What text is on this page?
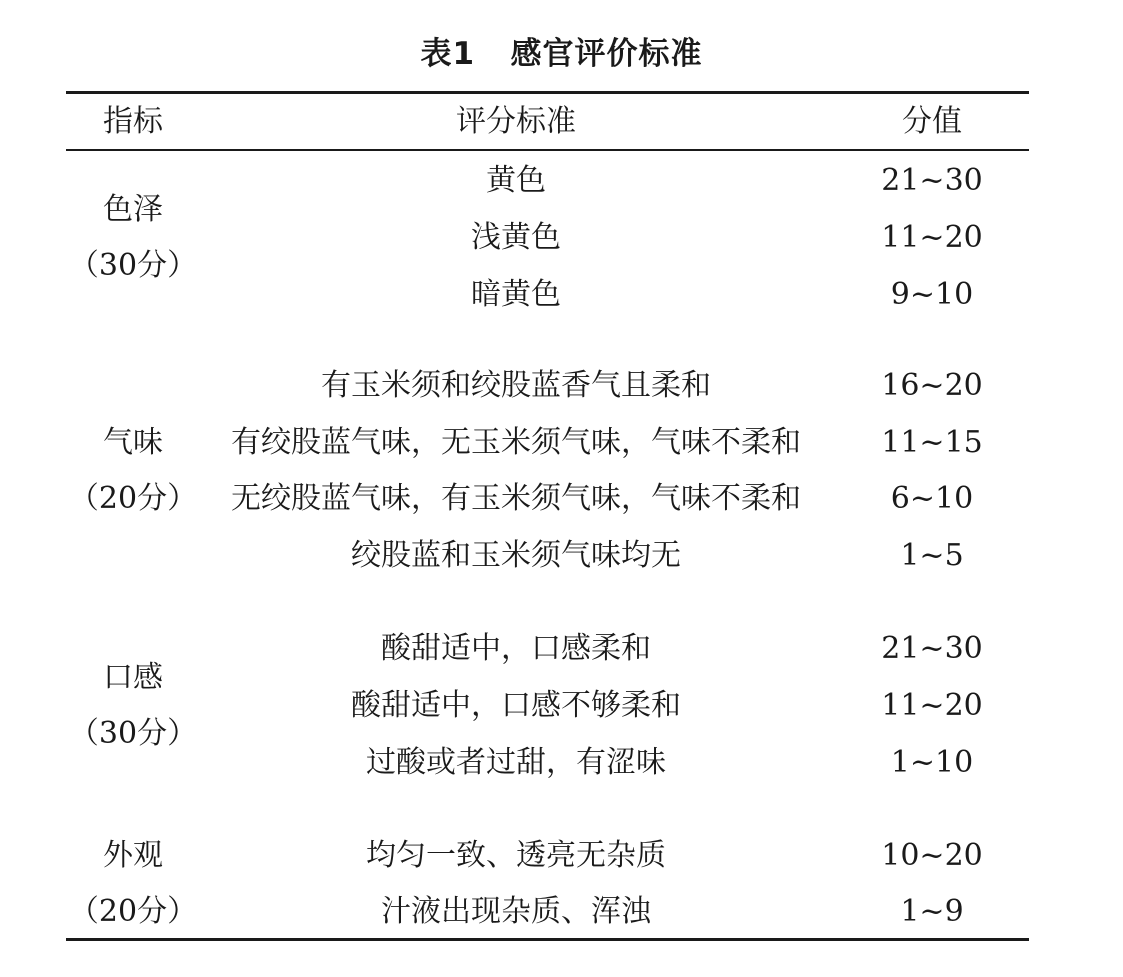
表1   感官评价标准
指标	评分标准	分值
色泽
（30分）
黄色	21~30
浅黄色	11~20
暗黄色	9~10
气味
（20分）
有玉米须和绞股蓝香气且柔和	16~20
有绞股蓝气味，无玉米须气味，气味不柔和	11~15
无绞股蓝气味，有玉米须气味，气味不柔和	6~10
绞股蓝和玉米须气味均无	1~5
口感
（30分）
酸甜适中，口感柔和	21~30
酸甜适中，口感不够柔和	11~20
过酸或者过甜，有涩味	1~10
外观
（20分）
均匀一致、透亮无杂质	10~20
汁液出现杂质、浑浊	1~9
